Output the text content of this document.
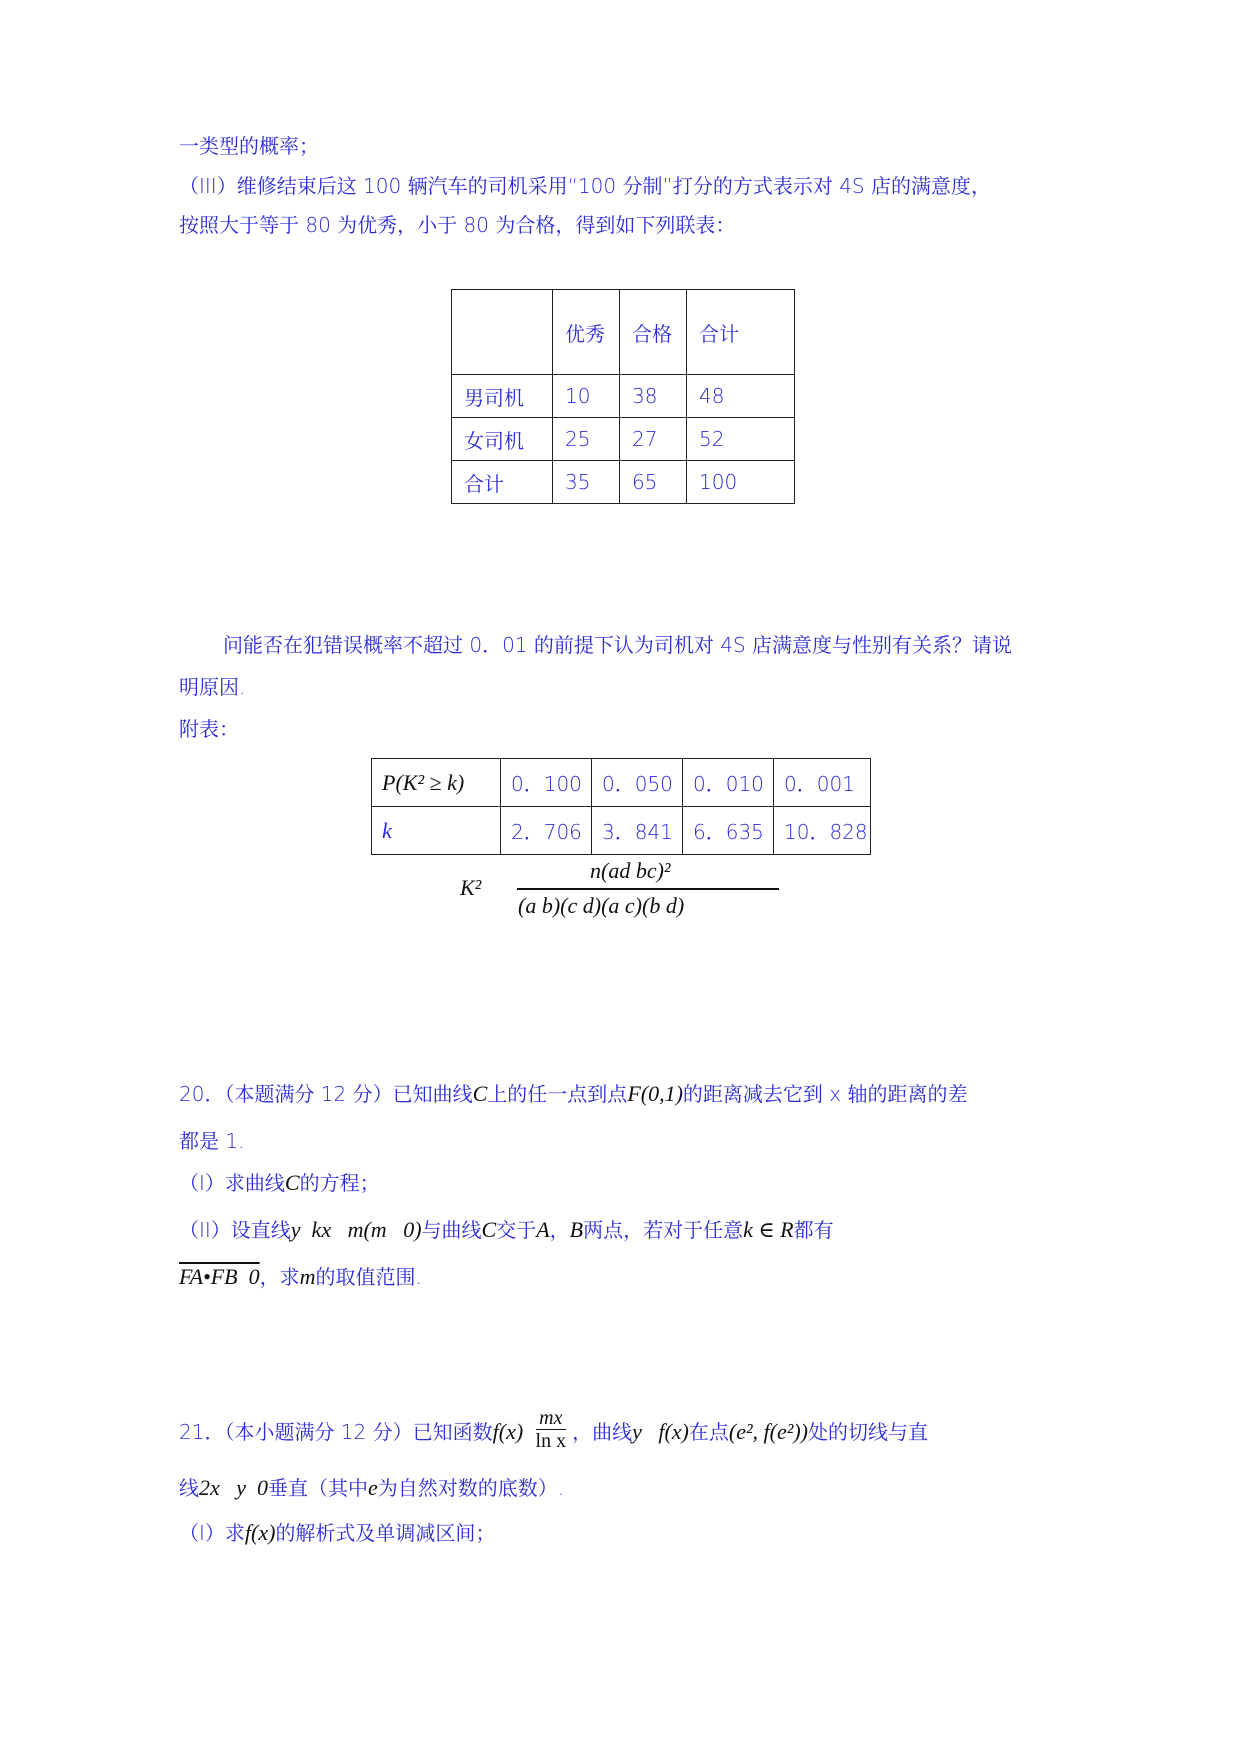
一类型的概率；
（III）维修结束后这 100 辆汽车的司机采用“100 分制”打分的方式表示对 4S 店的满意度，
按照大于等于 80 为优秀，小于 80 为合格，得到如下列联表：
	优秀	合格	合计
男司机	10	38	48
女司机	25	27	52
合计	35	65	100
问能否在犯错误概率不超过 0．01 的前提下认为司机对 4S 店满意度与性别有关系？请说
明原因.
附表：
P(K² ≥ k)	0．100	0．050	0．010	0．001
k	2．706	3．841	6．635	10．828
K²
n(ad bc)²
(a b)(c d)(a c)(b d)
20．（本题满分 12 分）已知曲线C上的任一点到点F(0,1)的距离减去它到 x 轴的距离的差
都是 1.
（I）求曲线C的方程；
（II）设直线y  kx   m(m   0)与曲线C交于A，B两点，若对于任意k ∈ R都有
FA•FB  0，求m的取值范围.
21．（本小题满分 12 分）已知函数$f(x) \frac{mx}{\text{ln x}}$ ，曲线y   f(x)在点(e², f(e²))处的切线与直
线2x   y  0垂直（其中e为自然对数的底数）.
（Ⅰ）求f(x)的解析式及单调减区间；
